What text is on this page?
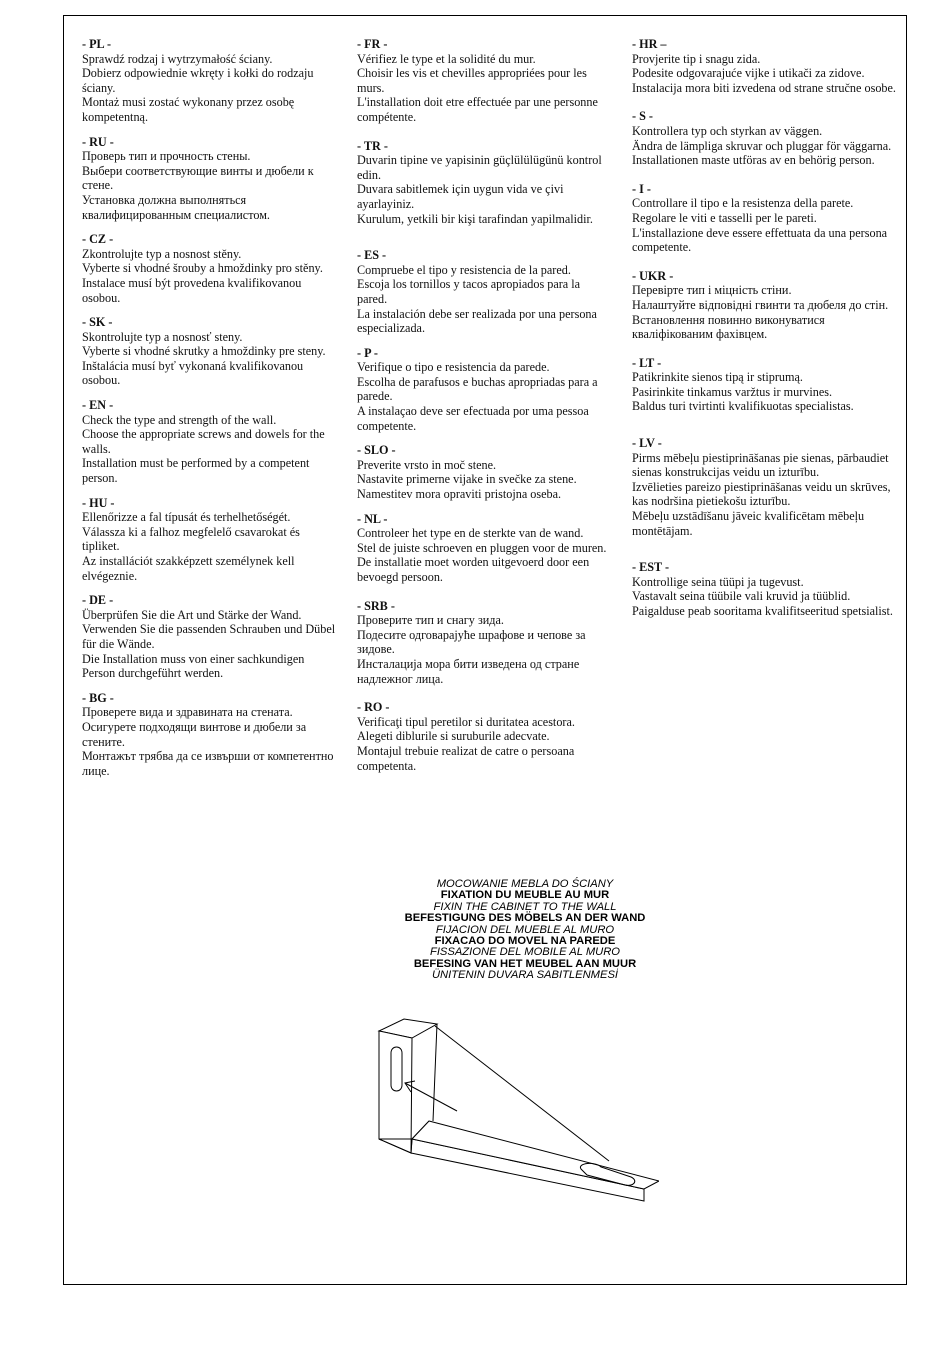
- PL -
Sprawdź rodzaj i wytrzymałość ściany.
Dobierz odpowiednie wkręty i kołki do rodzaju ściany.
Montaż musi zostać wykonany przez osobę kompetentną.
- RU -
Проверь тип и прочность стены.
Выбери соответствующие винты и дюбели к стене.
Установка должна выполняться квалифицированным специалистом.
- CZ -
Zkontrolujte typ a nosnost stěny.
Vyberte si vhodné šrouby a hmoždinky pro stěny.
Instalace musí být provedena kvalifikovanou osobou.
- SK -
Skontrolujte typ a nosnosť steny.
Vyberte si vhodné skrutky a hmoždinky pre steny.
Inštalácia musí byť vykonaná kvalifikovanou osobou.
- EN -
Check the type and strength of the wall.
Choose the appropriate screws and dowels for the walls.
Installation must be performed by a competent person.
- HU -
Ellenőrizze a fal típusát és terhelhetőségét.
Válassza ki a falhoz megfelelő csavarokat és tipliket.
Az installációt szakképzett személynek kell elvégeznie.
- DE -
Überprüfen Sie die Art und Stärke der Wand.
Verwenden Sie die passenden Schrauben und Dübel für die Wände.
Die Installation muss von einer sachkundigen Person durchgeführt werden.
- BG -
Проверете вида и здравината на стената.
Осигурете подходящи винтове и дюбели за стените.
Монтажът трябва да се извърши от компетентно лице.
- FR -
Vérifiez le type et la solidité du mur.
Choisir les vis et chevilles appropriées pour les murs.
L'installation doit etre effectuée par une personne compétente.
- TR -
Duvarin tipine ve yapisinin güçlülülügünü kontrol edin.
Duvara sabitlemek için uygun vida ve çivi ayarlayiniz.
Kurulum, yetkili bir kişi tarafindan yapilmalidir.
- ES -
Compruebe el tipo y resistencia de la pared.
Escoja los tornillos y tacos apropiados para la pared.
La instalación debe ser realizada por una persona especializada.
- P -
Verifique o tipo e resistencia da parede.
Escolha de parafusos e buchas apropriadas para a parede.
A instalaçao deve ser efectuada por uma pessoa competente.
- SLO -
Preverite vrsto in moč stene.
Nastavite primerne vijake in svečke za stene.
Namestitev mora opraviti pristojna oseba.
- NL -
Controleer het type en de sterkte van de wand.
Stel de juiste schroeven en pluggen voor de muren.
De installatie moet worden uitgevoerd door een bevoegd persoon.
- SRB -
Проверите тип и снагу зида.
Подесите одговарајуће шрафове и чепове за зидове.
Инсталација мора бити изведена од стране надлежног лица.
- RO -
Verificaţi tipul peretilor si duritatea acestora.
Alegeti diblurile si suruburile adecvate.
Montajul trebuie realizat de catre o persoana competenta.
- HR –
Provjerite tip i snagu zida.
Podesite odgovarajuće vijke i utikači za zidove.
Instalacija mora biti izvedena od strane stručne osobe.
- S -
Kontrollera typ och styrkan av väggen.
Ändra de lämpliga skruvar och pluggar för väggarna.
Installationen maste utföras av en behörig person.
- I -
Controllare il tipo e la resistenza della parete.
Regolare le viti e tasselli per le pareti.
L'installazione deve essere effettuata da una persona competente.
- UKR -
Перевірте тип і міцність стіни.
Налаштуйте відповідні гвинти та дюбеля до стін.
Встановлення повинно виконуватися кваліфікованим фахівцем.
- LT -
Patikrinkite sienos tipą ir stiprumą.
Pasirinkite tinkamus varžtus ir murvines.
Baldus turi tvirtinti kvalifikuotas specialistas.
- LV -
Pirms mēbeļu piestiprināšanas pie sienas, pārbaudiet sienas konstrukcijas veidu un izturību.
Izvēlieties pareizo piestiprināšanas veidu un skrūves, kas nodršina pietiekošu izturību.
Mēbeļu uzstādīšanu jāveic kvalificētam mēbeļu montētājam.
- EST -
Kontrollige seina tüüpi ja tugevust.
Vastavalt seina tüübile vali kruvid ja tüüblid.
Paigalduse peab sooritama kvalifitseeritud spetsialist.
MOCOWANIE MEBLA DO ŚCIANY
FIXATION DU MEUBLE AU MUR
FIXIN THE CABINET TO THE WALL
BEFESTIGUNG DES MÖBELS AN DER WAND
FIJACION DEL MUEBLE AL MURO
FIXACAO DO MOVEL NA PAREDE
FISSAZIONE DEL MOBILE AL MURO
BEFESING VAN HET MEUBEL AAN MUUR
ÜNITENIN DUVARA SABITLENMESİ
